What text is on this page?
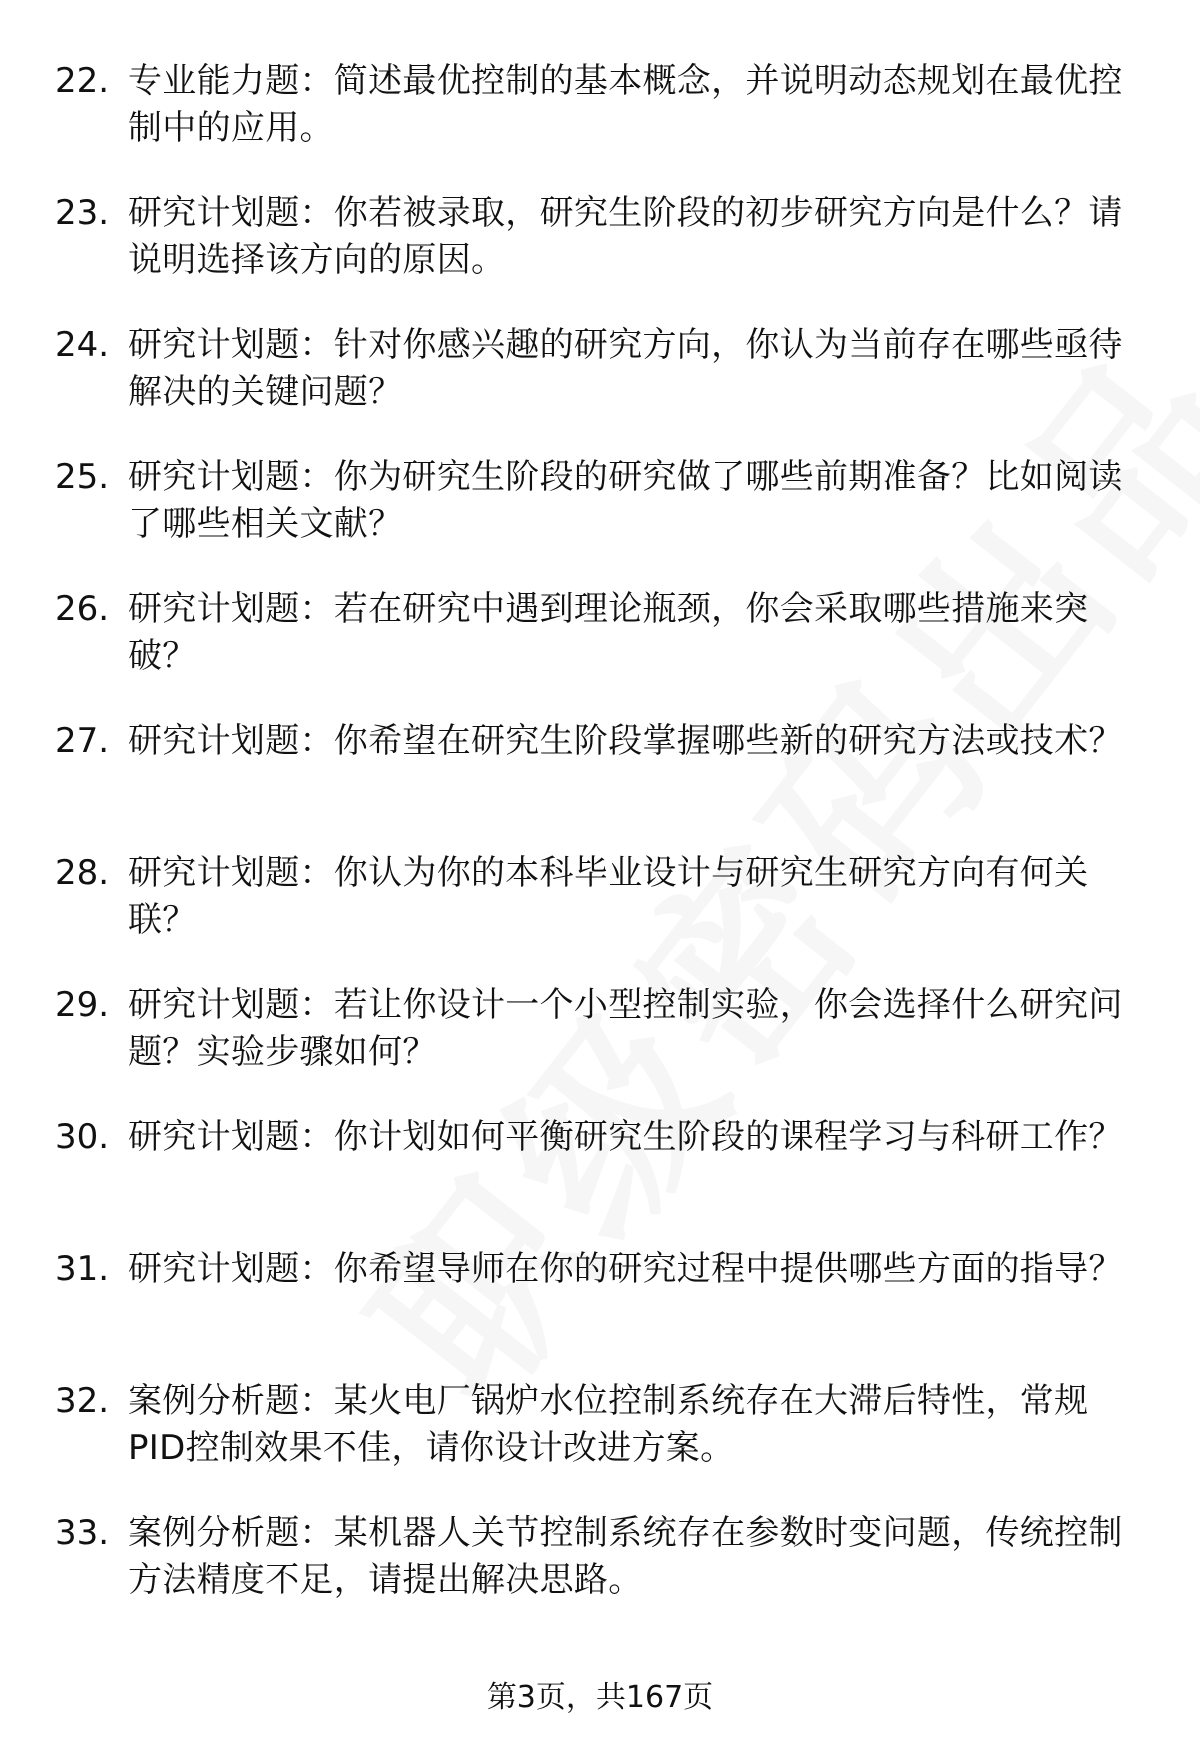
22. 专业能力题：简述最优控制的基本概念，并说明动态规划在最优控制中的应用。
23. 研究计划题：你若被录取，研究生阶段的初步研究方向是什么？请说明选择该方向的原因。
24. 研究计划题：针对你感兴趣的研究方向，你认为当前存在哪些亟待解决的关键问题？
25. 研究计划题：你为研究生阶段的研究做了哪些前期准备？比如阅读了哪些相关文献？
26. 研究计划题：若在研究中遇到理论瓶颈，你会采取哪些措施来突破？
27. 研究计划题：你希望在研究生阶段掌握哪些新的研究方法或技术？
28. 研究计划题：你认为你的本科毕业设计与研究生研究方向有何关联？
29. 研究计划题：若让你设计一个小型控制实验，你会选择什么研究问题？实验步骤如何？
30. 研究计划题：你计划如何平衡研究生阶段的课程学习与科研工作？
31. 研究计划题：你希望导师在你的研究过程中提供哪些方面的指导？
32. 案例分析题：某火电厂锅炉水位控制系统存在大滞后特性，常规PID控制效果不佳，请你设计改进方案。
33. 案例分析题：某机器人关节控制系统存在参数时变问题，传统控制方法精度不足，请提出解决思路。
第3页，共167页
